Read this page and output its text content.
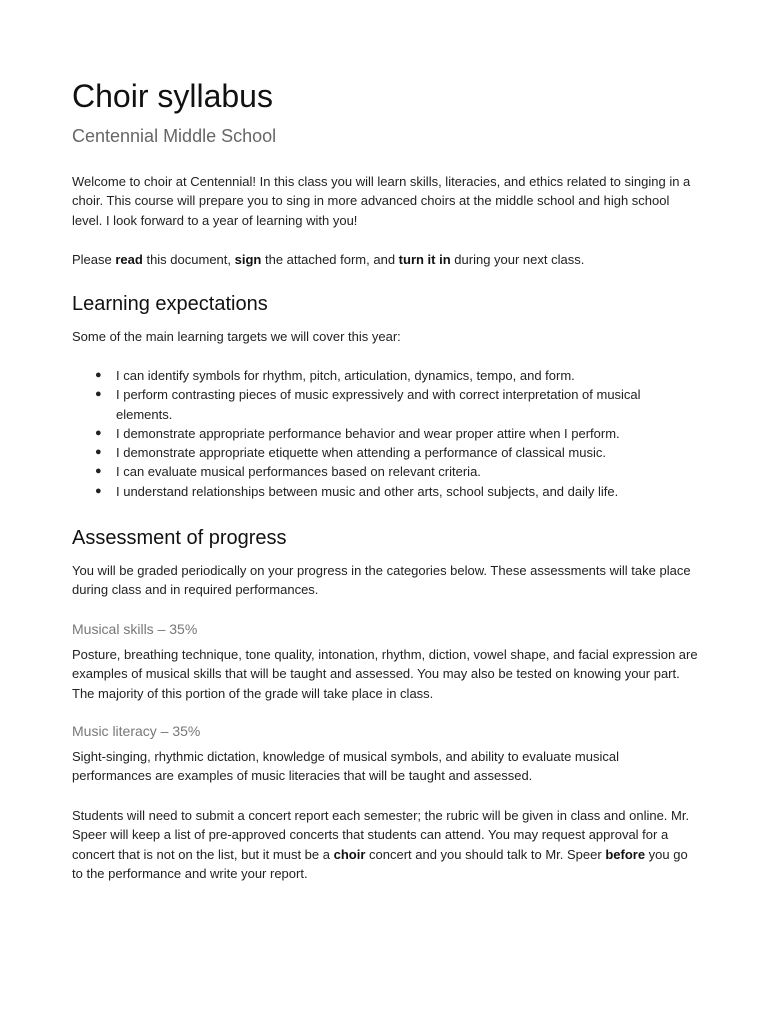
Choir syllabus
Centennial Middle School
Welcome to choir at Centennial! In this class you will learn skills, literacies, and ethics related to singing in a choir. This course will prepare you to sing in more advanced choirs at the middle school and high school level. I look forward to a year of learning with you!
Please read this document, sign the attached form, and turn it in during your next class.
Learning expectations
Some of the main learning targets we will cover this year:
● I can identify symbols for rhythm, pitch, articulation, dynamics, tempo, and form.
● I perform contrasting pieces of music expressively and with correct interpretation of musical elements.
● I demonstrate appropriate performance behavior and wear proper attire when I perform.
● I demonstrate appropriate etiquette when attending a performance of classical music.
● I can evaluate musical performances based on relevant criteria.
● I understand relationships between music and other arts, school subjects, and daily life.
Assessment of progress
You will be graded periodically on your progress in the categories below. These assessments will take place during class and in required performances.
Musical skills – 35%
Posture, breathing technique, tone quality, intonation, rhythm, diction, vowel shape, and facial expression are examples of musical skills that will be taught and assessed. You may also be tested on knowing your part. The majority of this portion of the grade will take place in class.
Music literacy – 35%
Sight-singing, rhythmic dictation, knowledge of musical symbols, and ability to evaluate musical performances are examples of music literacies that will be taught and assessed.
Students will need to submit a concert report each semester; the rubric will be given in class and online. Mr. Speer will keep a list of pre-approved concerts that students can attend. You may request approval for a concert that is not on the list, but it must be a choir concert and you should talk to Mr. Speer before you go to the performance and write your report.
